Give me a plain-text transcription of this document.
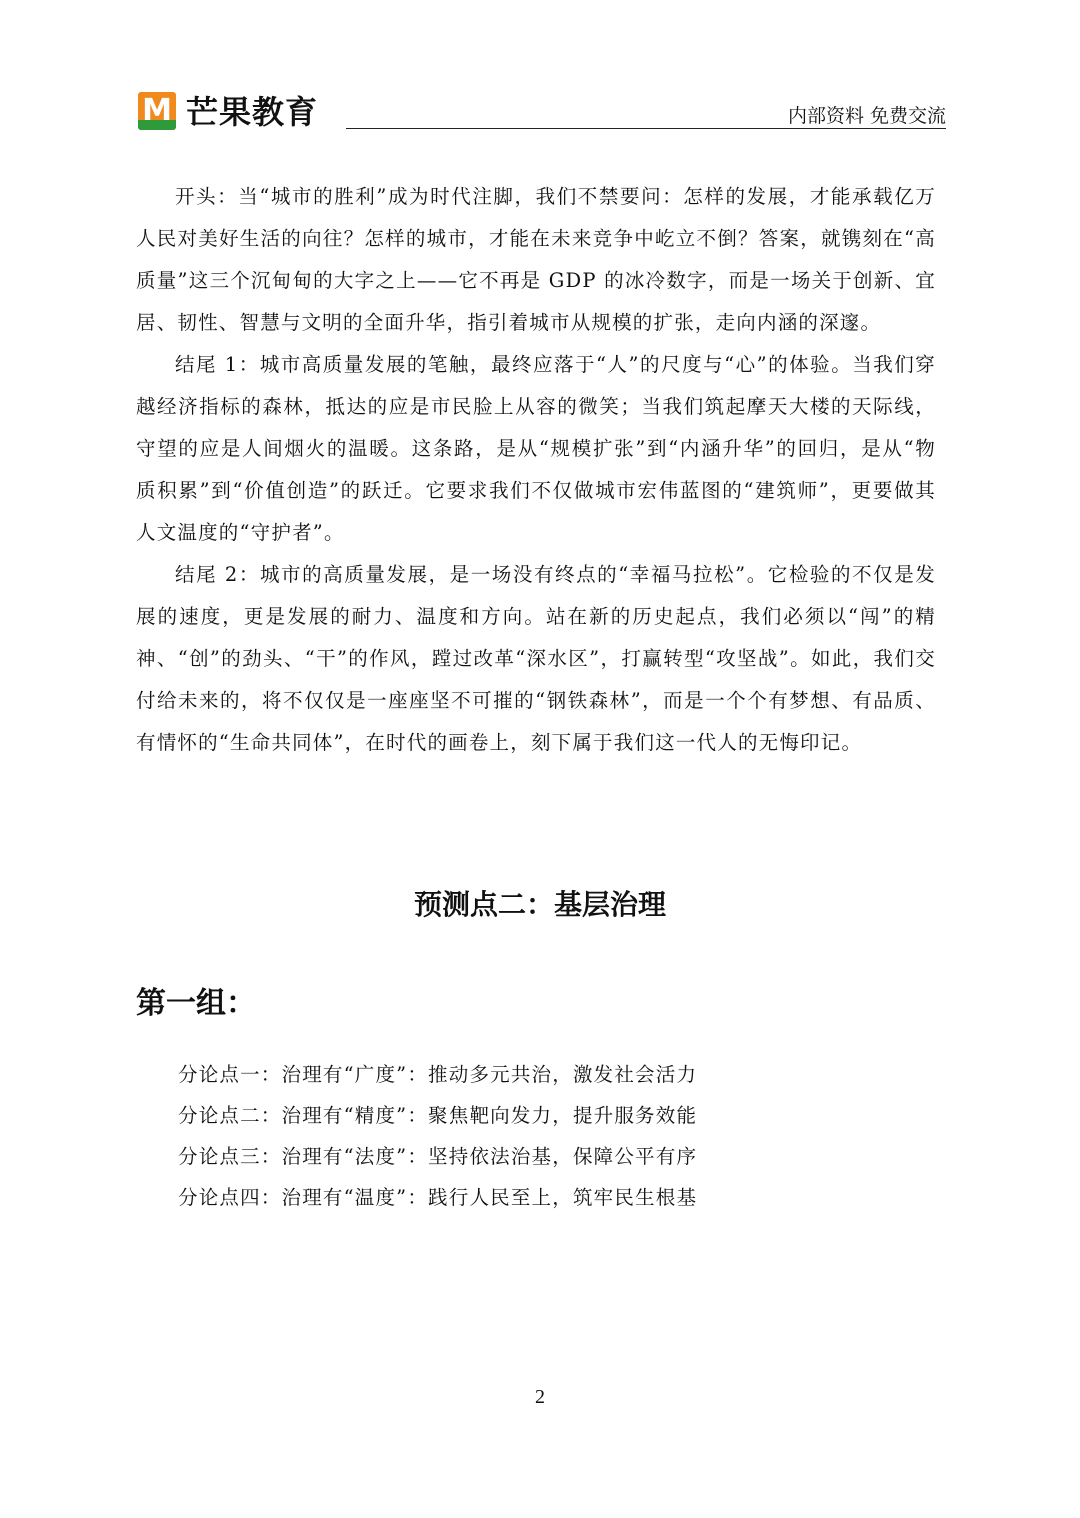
M 芒果教育	内部资料 免费交流

开头：当“城市的胜利”成为时代注脚，我们不禁要问：怎样的发展，才能承载亿万人民对美好生活的向往？怎样的城市，才能在未来竞争中屹立不倒？答案，就镌刻在“高质量”这三个沉甸甸的大字之上——它不再是 GDP 的冰冷数字，而是一场关于创新、宜居、韧性、智慧与文明的全面升华，指引着城市从规模的扩张，走向内涵的深邃。

结尾 1：城市高质量发展的笔触，最终应落于“人”的尺度与“心”的体验。当我们穿越经济指标的森林，抵达的应是市民脸上从容的微笑；当我们筑起摩天大楼的天际线，守望的应是人间烟火的温暖。这条路，是从“规模扩张”到“内涵升华”的回归，是从“物质积累”到“价值创造”的跃迁。它要求我们不仅做城市宏伟蓝图的“建筑师”，更要做其人文温度的“守护者”。

结尾 2：城市的高质量发展，是一场没有终点的“幸福马拉松”。它检验的不仅是发展的速度，更是发展的耐力、温度和方向。站在新的历史起点，我们必须以“闯”的精神、“创”的劲头、“干”的作风，蹚过改革“深水区”，打赢转型“攻坚战”。如此，我们交付给未来的，将不仅仅是一座座坚不可摧的“钢铁森林”，而是一个个有梦想、有品质、有情怀的“生命共同体”，在时代的画卷上，刻下属于我们这一代人的无悔印记。

预测点二：基层治理
第一组：
分论点一：治理有“广度”：推动多元共治，激发社会活力
分论点二：治理有“精度”：聚焦靶向发力，提升服务效能
分论点三：治理有“法度”：坚持依法治基，保障公平有序
分论点四：治理有“温度”：践行人民至上，筑牢民生根基
2
